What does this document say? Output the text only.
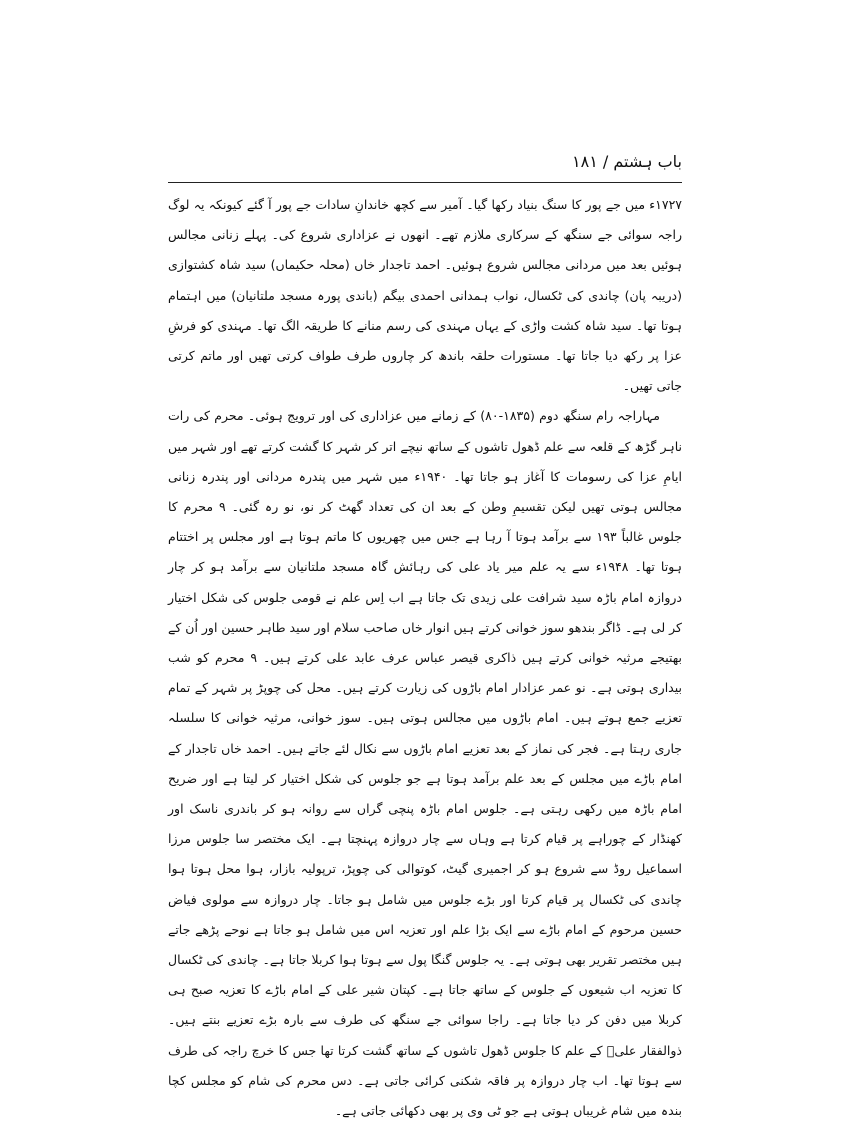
باب ہشتم / ۱۸۱

۱۷۲۷ء میں جے پور کا سنگ بنیاد رکھا گیا۔ آمیر سے کچھ خاندانِ سادات جے پور آ گئے کیونکہ یہ لوگ راجہ سوائی جے سنگھ کے سرکاری ملازم تھے۔ انھوں نے عزاداری شروع کی۔ پہلے زنانی مجالس ہوئیں بعد میں مردانی مجالس شروع ہوئیں۔ احمد تاجدار خاں (محلہ حکیماں) سید شاہ کشتوازی (دریبہ پان) چاندی کی ٹکسال، نواب ہمدانی احمدی بیگم (باندی پورہ مسجد ملتانیان) میں اہتمام ہوتا تھا۔ سید شاہ کشت واڑی کے یہاں مہندی کی رسم منانے کا طریقہ الگ تھا۔ مہندی کو فرشِ عزا پر رکھ دیا جاتا تھا۔ مستورات حلقہ باندھ کر چاروں طرف طواف کرتی تھیں اور ماتم کرتی جاتی تھیں۔

مہاراجہ رام سنگھ دوم (۱۸۳۵-۸۰) کے زمانے میں عزاداری کی اور ترویج ہوئی۔ محرم کی رات ناہر گڑھ کے قلعہ سے علم ڈھول تاشوں کے ساتھ نیچے اتر کر شہر کا گشت کرتے تھے اور شہر میں ایامِ عزا کی رسومات کا آغاز ہو جاتا تھا۔ ۱۹۴۰ء میں شہر میں پندرہ مردانی اور پندرہ زنانی مجالس ہوتی تھیں لیکن تقسیمِ وطن کے بعد ان کی تعداد گھٹ کر نو، نو رہ گئی۔ ۹ محرم کا جلوس غالباً ۱۹۳ سے برآمد ہوتا آ رہا ہے جس میں چھریوں کا ماتم ہوتا ہے اور مجلس پر اختتام ہوتا تھا۔ ۱۹۴۸ء سے یہ علم میر یاد علی کی رہائش گاہ مسجد ملتانیان سے برآمد ہو کر چار دروازہ امام باڑہ سید شرافت علی زیدی تک جاتا ہے اب اِس علم نے قومی جلوس کی شکل اختیار کر لی ہے۔ ڈاگر بندھو سوز خوانی کرتے ہیں انوار خاں صاحب سلام اور سید طاہر حسین اور اُن کے بھتیجے مرثیہ خوانی کرتے ہیں ذاکری قیصر عباس عرف عابد علی کرتے ہیں۔ ۹ محرم کو شب بیداری ہوتی ہے۔ نو عمر عزادار امام باڑوں کی زیارت کرتے ہیں۔ محل کی چوپڑ پر شہر کے تمام تعزیے جمع ہوتے ہیں۔ امام باڑوں میں مجالس ہوتی ہیں۔ سوز خوانی، مرثیہ خوانی کا سلسلہ جاری رہتا ہے۔ فجر کی نماز کے بعد تعزیے امام باڑوں سے نکال لئے جاتے ہیں۔ احمد خاں تاجدار کے امام باڑے میں مجلس کے بعد علم برآمد ہوتا ہے جو جلوس کی شکل اختیار کر لیتا ہے اور ضریح امام باڑہ میں رکھی رہتی ہے۔ جلوس امام باڑہ پنچی گراں سے روانہ ہو کر باندری ناسک اور کھنڈار کے چوراہے پر قیام کرتا ہے وہاں سے چار دروازہ پہنچتا ہے۔ ایک مختصر سا جلوس مرزا اسماعیل روڈ سے شروع ہو کر اجمیری گیٹ، کوتوالی کی چوپڑ، ترپولیہ بازار، ہوا محل ہوتا ہوا چاندی کی ٹکسال پر قیام کرتا اور بڑے جلوس میں شامل ہو جاتا۔ چار دروازہ سے مولوی فیاض حسین مرحوم کے امام باڑے سے ایک بڑا علم اور تعزیہ اس میں شامل ہو جاتا ہے نوحے پڑھے جاتے ہیں مختصر تقریر بھی ہوتی ہے۔ یہ جلوس گنگا پول سے ہوتا ہوا کربلا جاتا ہے۔ چاندی کی ٹکسال کا تعزیہ اب شیعوں کے جلوس کے ساتھ جاتا ہے۔ کپتان شیر علی کے امام باڑے کا تعزیہ صبح ہی کربلا میں دفن کر دیا جاتا ہے۔ راجا سوائی جے سنگھ کی طرف سے بارہ بڑے تعزیے بنتے ہیں۔ ذوالفقار علیؑ کے علم کا جلوس ڈھول تاشوں کے ساتھ گشت کرتا تھا جس کا خرچ راجہ کی طرف سے ہوتا تھا۔ اب چار دروازہ پر فاقہ شکنی کرائی جاتی ہے۔ دس محرم کی شام کو مجلس کچا بندہ میں شام غریباں ہوتی ہے جو ٹی وی پر بھی دکھائی جاتی ہے۔
